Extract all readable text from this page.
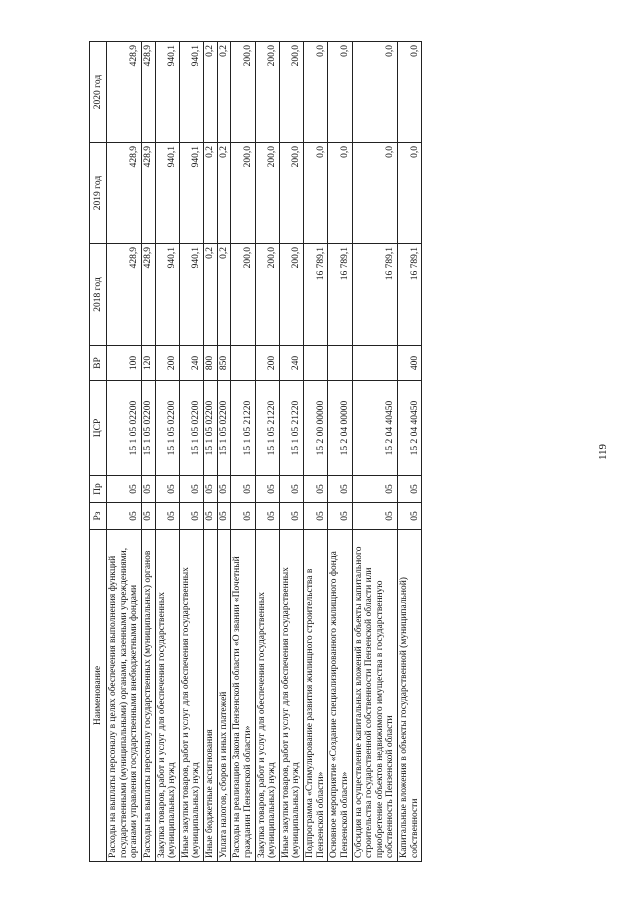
119
Наименование	Рз	Пр	ЦСР	ВР	2018 год	2019 год	2020 год
Расходы на выплаты персоналу в целях обеспечения выполнения функций государственными (муниципальными) органами, казенными учреждениями, органами управления государственными внебюджетными фондами	05	05	15 1 05 02200	100	428,9	428,9	428,9
Расходы на выплаты персоналу государственных (муниципальных) органов	05	05	15 1 05 02200	120	428,9	428,9	428,9
Закупка товаров, работ и услуг для обеспечения государственных (муниципальных) нужд	05	05	15 1 05 02200	200	940,1	940,1	940,1
Иные закупки товаров, работ и услуг для обеспечения государственных (муниципальных) нужд	05	05	15 1 05 02200	240	940,1	940,1	940,1
Иные бюджетные ассигнования	05	05	15 1 05 02200	800	0,2	0,2	0,2
Уплата налогов, сборов и иных платежей	05	05	15 1 05 02200	850	0,2	0,2	0,2
Расходы на реализацию Закона Пензенской области «О звании «Почетный гражданин Пензенской области»	05	05	15 1 05 21220		200,0	200,0	200,0
Закупка товаров, работ и услуг для обеспечения государственных (муниципальных) нужд	05	05	15 1 05 21220	200	200,0	200,0	200,0
Иные закупки товаров, работ и услуг для обеспечения государственных (муниципальных) нужд	05	05	15 1 05 21220	240	200,0	200,0	200,0
Подпрограмма «Стимулирование развития жилищного строительства в Пензенской области»	05	05	15 2 00 00000		16 789,1	0,0	0,0
Основное мероприятие «Создание специализированного жилищного фонда Пензенской области»	05	05	15 2 04 00000		16 789,1	0,0	0,0
Субсидия на осуществление капитальных вложений в объекты капитального строительства государственной собственности Пензенской области или приобретение объектов недвижимого имущества в государственную собственность Пензенской области	05	05	15 2 04 40450		16 789,1	0,0	0,0
Капитальные вложения в объекты государственной (муниципальной) собственности	05	05	15 2 04 40450	400	16 789,1	0,0	0,0
